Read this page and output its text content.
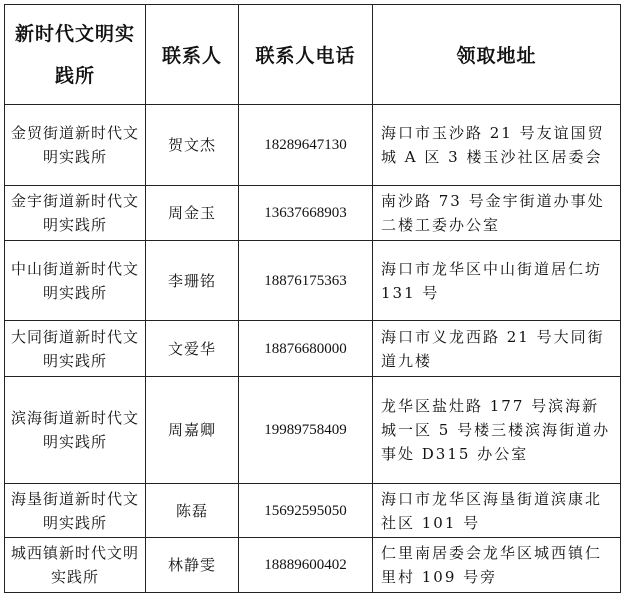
新时代文明实践所	联系人	联系人电话	领取地址
金贸街道新时代文明实践所	贺文杰	18289647130	海口市玉沙路 21 号友谊国贸城 A 区 3 楼玉沙社区居委会
金宇街道新时代文明实践所	周金玉	13637668903	南沙路 73 号金宇街道办事处二楼工委办公室
中山街道新时代文明实践所	李珊铭	18876175363	海口市龙华区中山街道居仁坊 131 号
大同街道新时代文明实践所	文爱华	18876680000	海口市义龙西路 21 号大同街道九楼
滨海街道新时代文明实践所	周嘉卿	19989758409	龙华区盐灶路 177 号滨海新城一区 5 号楼三楼滨海街道办事处 D315 办公室
海垦街道新时代文明实践所	陈磊	15692595050	海口市龙华区海垦街道滨康北社区 101 号
城西镇新时代文明实践所	林静雯	18889600402	仁里南居委会龙华区城西镇仁里村 109 号旁
